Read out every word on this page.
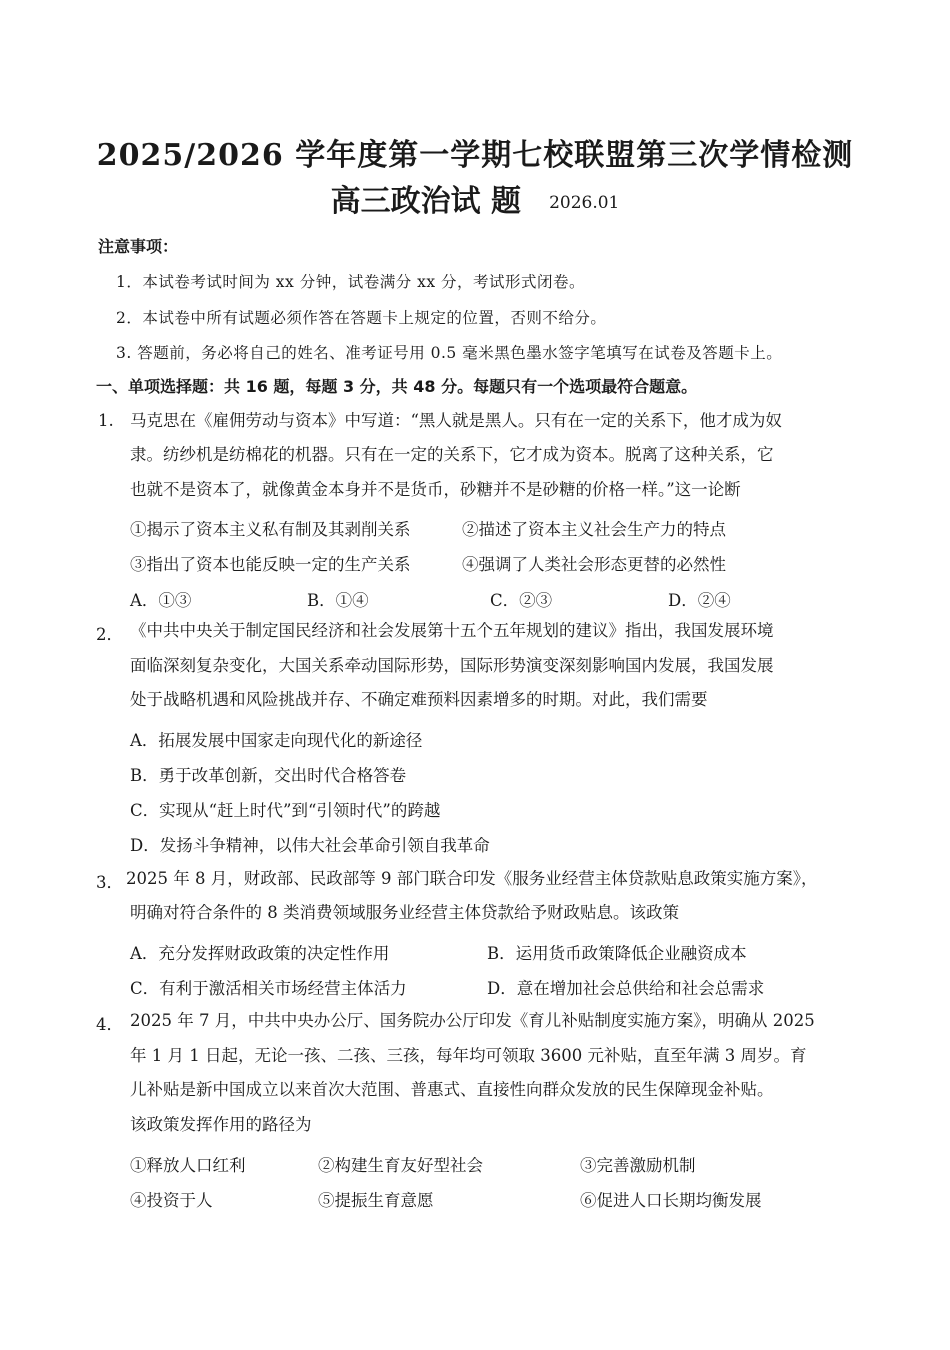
2025/2026 学年度第一学期七校联盟第三次学情检测
高三政治试 题 2026.01
注意事项：
1．本试卷考试时间为 xx 分钟，试卷满分 xx 分，考试形式闭卷。
2．本试卷中所有试题必须作答在答题卡上规定的位置，否则不给分。
3. 答题前，务必将自己的姓名、准考证号用 0.5 毫米黑色墨水签字笔填写在试卷及答题卡上。
一、单项选择题：共 16 题，每题 3 分，共 48 分。每题只有一个选项最符合题意。
1. 马克思在《雇佣劳动与资本》中写道：“黑人就是黑人。只有在一定的关系下，他才成为奴
隶。纺纱机是纺棉花的机器。只有在一定的关系下，它才成为资本。脱离了这种关系，它
也就不是资本了，就像黄金本身并不是货币，砂糖并不是砂糖的价格一样。”这一论断
①揭示了资本主义私有制及其剥削关系	②描述了资本主义社会生产力的特点
③指出了资本也能反映一定的生产关系	④强调了人类社会形态更替的必然性
A．①③	B．①④	C．②③	D．②④
2． 《中共中央关于制定国民经济和社会发展第十五个五年规划的建议》指出，我国发展环境
面临深刻复杂变化，大国关系牵动国际形势，国际形势演变深刻影响国内发展，我国发展
处于战略机遇和风险挑战并存、不确定难预料因素增多的时期。对此，我们需要
A．拓展发展中国家走向现代化的新途径
B．勇于改革创新，交出时代合格答卷
C．实现从“赶上时代”到“引领时代”的跨越
D．发扬斗争精神，以伟大社会革命引领自我革命
3． 2025 年 8 月，财政部、民政部等 9 部门联合印发《服务业经营主体贷款贴息政策实施方案》，
明确对符合条件的 8 类消费领域服务业经营主体贷款给予财政贴息。该政策
A．充分发挥财政政策的决定性作用	B．运用货币政策降低企业融资成本
C．有利于激活相关市场经营主体活力	D．意在增加社会总供给和社会总需求
4． 2025 年 7 月，中共中央办公厅、国务院办公厅印发《育儿补贴制度实施方案》，明确从 2025
年 1 月 1 日起，无论一孩、二孩、三孩，每年均可领取 3600 元补贴，直至年满 3 周岁。育
儿补贴是新中国成立以来首次大范围、普惠式、直接性向群众发放的民生保障现金补贴。
该政策发挥作用的路径为
①释放人口红利	②构建生育友好型社会	③完善激励机制
④投资于人	⑤提振生育意愿	⑥促进人口长期均衡发展
